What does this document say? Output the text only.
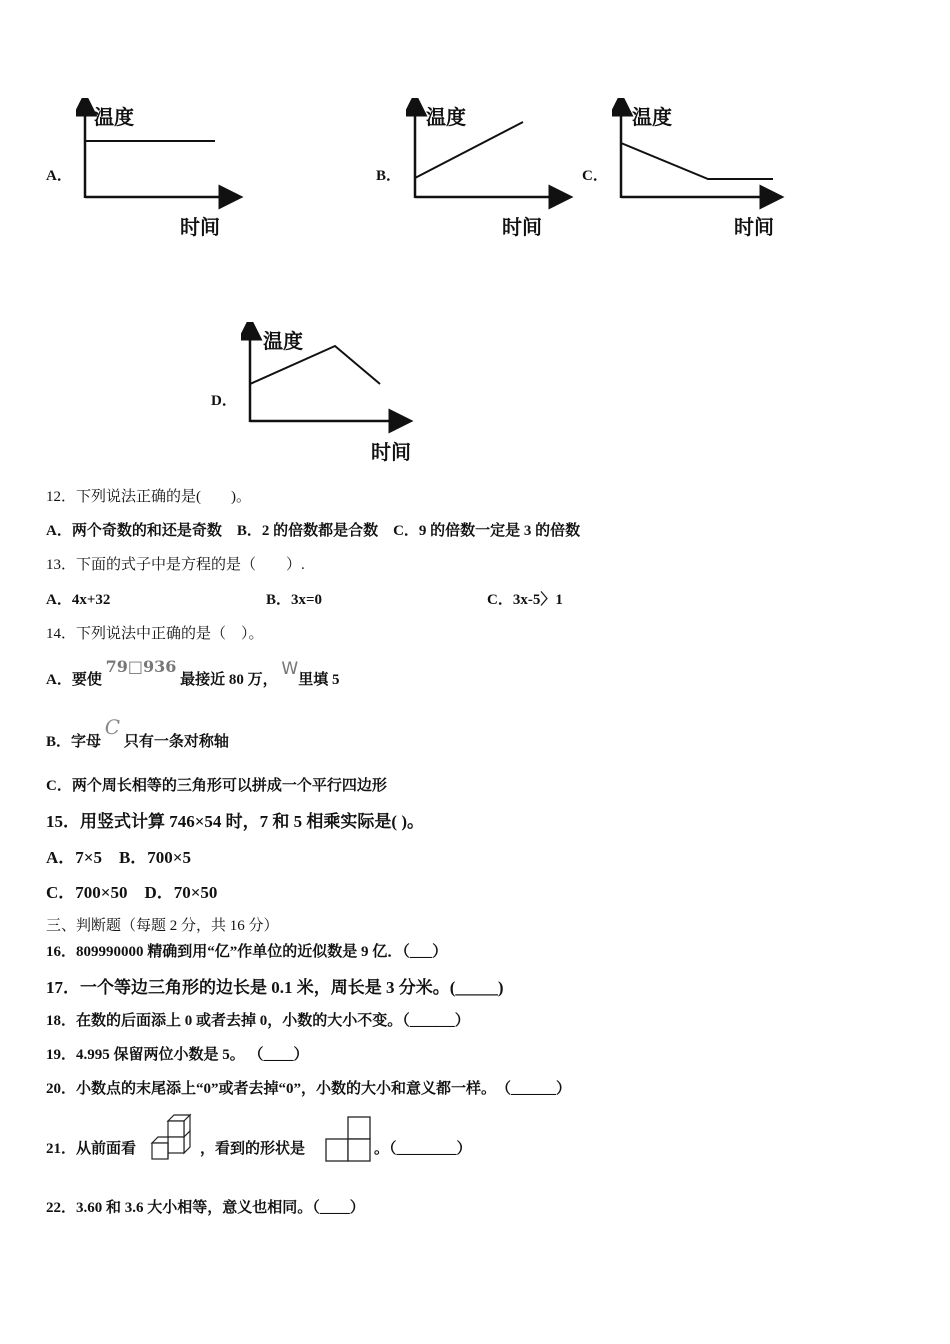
A．
温度
时间
B．
温度
时间
C．
温度
时间
D．
温度
时间
12．下列说法正确的是(　　)。
A．两个奇数的和还是奇数　B．2 的倍数都是合数　C．9 的倍数一定是 3 的倍数
13．下面的式子中是方程的是（　　）.
A．4x+32	B．3x=0	C．3x-5〉1
14．下列说法中正确的是（　）。
A．要使 79□936 最接近 80 万， W里填 5
B．字母 C 只有一条对称轴
C．两个周长相等的三角形可以拼成一个平行四边形
15．用竖式计算 746×54 时，7 和 5 相乘实际是( )。
A．7×5　B．700×5
C．700×50　D．70×50
三、判断题（每题 2 分，共 16 分）
16．809990000 精确到用“亿”作单位的近似数是 9 亿．（___）
17．一个等边三角形的边长是 0.1 米，周长是 3 分米。(_____)
18．在数的后面添上 0 或者去掉 0，小数的大小不变。（______）
19．4.995 保留两位小数是 5。 （____）
20．小数点的末尾添上“0”或者去掉“0”，小数的大小和意义都一样。　（______）
21．从前面看	，看到的形状是	。（________）
22．3.60 和 3.6 大小相等，意义也相同。（____）
